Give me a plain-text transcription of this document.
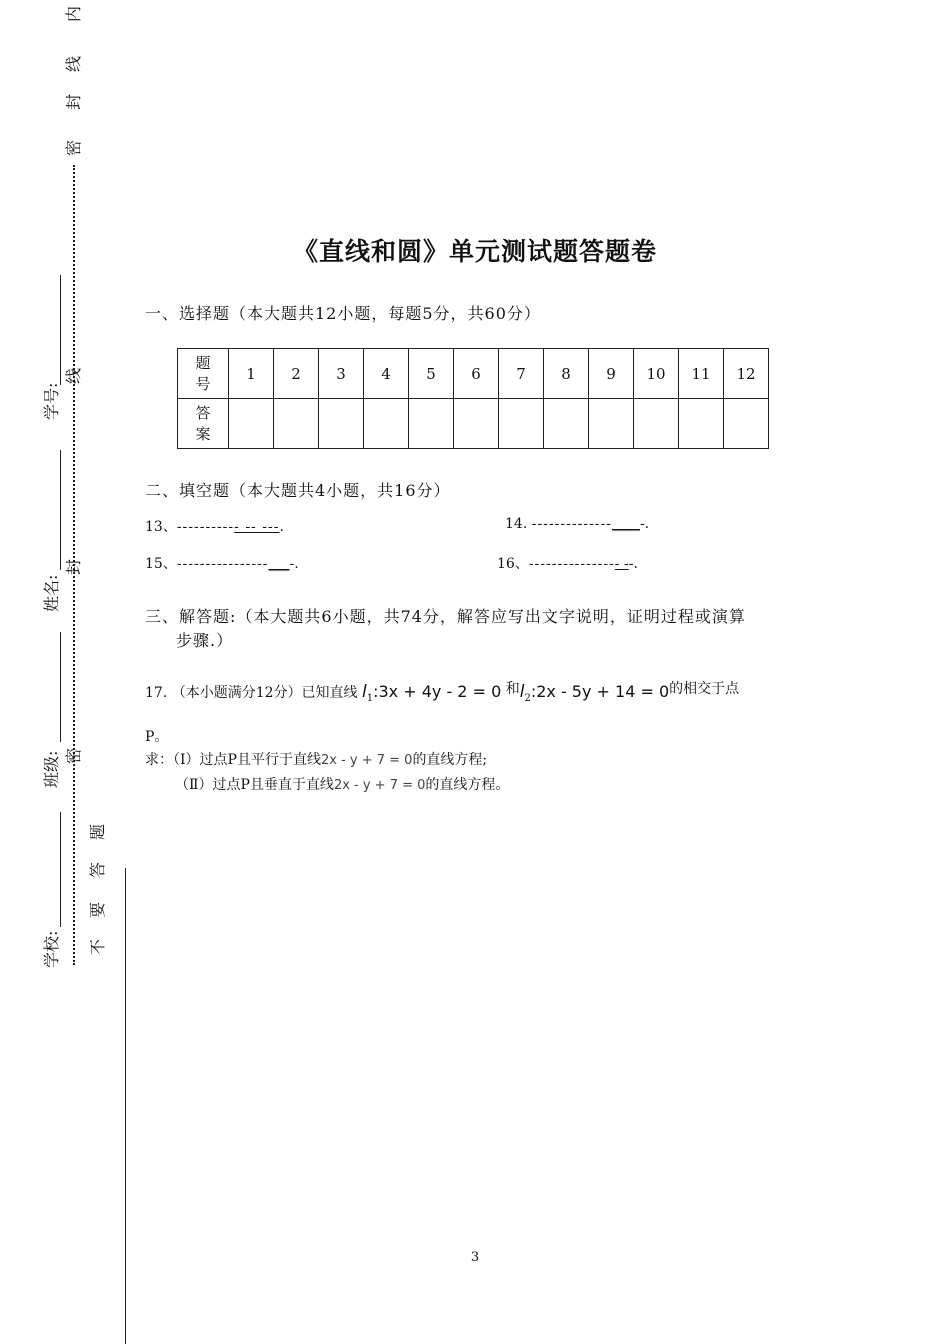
内
线
封
密
学号:
线
姓名:
封
班级: 密
学校: 不
要
答
题
《直线和圆》单元测试题答题卷
一、选择题（本大题共12小题，每题5分，共60分）
题
号	1	2	3	4	5	6	7	8	9	10	11	12
答
案												
二、填空题（本大题共4小题，共16分）
13、----------- -- ---.	14. --------------____-.
15、----------------___-.	16、---------------- --.
三、解答题:（本大题共6小题，共74分，解答应写出文字说明，证明过程或演算
步骤.）
17. （本小题满分12分）已知直线 $l_1:3x + 4y - 2 = 0$ 和$l_2:2x - 5y + 14 = 0$的相交于点
P。
求：（Ⅰ）过点P且平行于直线2x - y + 7 = 0的直线方程;
（Ⅱ）过点P且垂直于直线2x - y + 7 = 0的直线方程。
3
